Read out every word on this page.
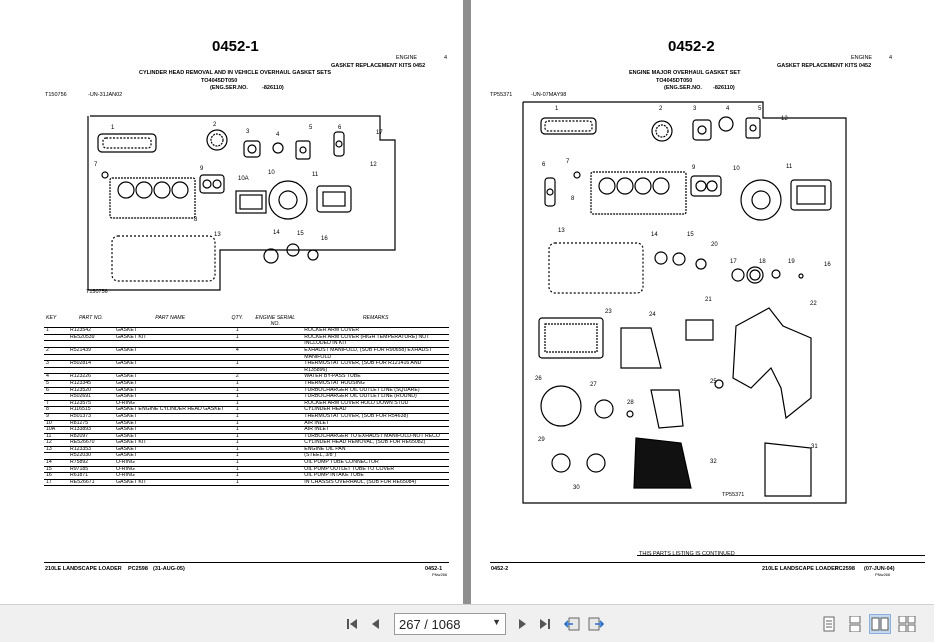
0452-1
ENGINE	4
GASKET REPLACEMENT KITS 0452
CYLINDER HEAD REMOVAL AND IN VEHICLE OVERHAUL GASKET SETS
TO4045DT050
(ENG.SER.NO.	-826110)
T150756	-UN-31JAN02
1	2
3	4
5	6
17
7
9
10A
10	11
12
8
13	14	15
16
T150756
KEY	PART NO.	PART NAME	QTY.	ENGINE SERIAL NO.	REMARKS
1	R123542	GASKET	1		ROCKER ARM COVER
	RE520539	GASKET KIT	1		ROCKER ARM COVER (HIGH TEMPERATURE) NOT
					INCLUDED IN KIT
2	R521439	GASKET	4		EXHAUST MANIFOLD, (SUB FOR R90658) EXHAUST
					MANIFOLD
3	R502814	GASKET	1		THERMOSTAT COVER, (SUB FOR R121416 AND
					R135896)
4	R123226	GASKET	2		WATER BY-PASS TUBE
5	R123345	GASKET	1		THERMOSTAT HOUSING
6	R123520	GASKET	1		TURBOCHARGER OIL OUTLET LINE (SQUARE)
	R502691	GASKET	1		TURBOCHARGER OIL OUTLET LINE (ROUND)
7	R123575	O-RING	1		ROCKER ARM COVER HOLD DOWN STUD
8	R116515	GASKET ENGINE CYLINDER HEAD GASKET	1		CYLINDER HEAD
9	R501373	GASKET	1		THERMOSTAT COVER, (SUB FOR R54638)
10	R81275	GASKET	1		AIR INLET
10A	R133893	GASKET	1		AIR INLET
11	R82097	GASKET	1		TURBOCHARGER TO EXHAUST MANIFOLD-NOT RECO
12	RE526670	GASKET KIT	1		CYLINDER HEAD REMOVAL, (SUB FOR RE65082)
13	R123353	GASKET	1		ENGINE OIL PAN
	R522030	GASKET	1		(STEEL, 3/8")
14	R75892	O-RING	1		OIL PUMP TUBE CONNECTOR
15	R97185	O-RING	1		OIL PUMP OUTLET TUBE TO COVER
16	R61871	O-RING	1		OIL PUMP INTAKE TUBE
17	RE526671	GASKET KIT	1		IN CHASSIS OVERHAUL, (SUB FOR RE65084)
210LE LANDSCAPE LOADER PC2598 (31-AUG-05)	0452-1
PNw266
0452-2
ENGINE	4
GASKET REPLACEMENT KITS 0452
ENGINE MAJOR OVERHAUL GASKET SET
TO4045DT050
(ENG.SER.NO. -826110)
TP55371	-UN-07MAY98
1	2	3	4	5
12
6	7
9	10	11
8
13
14	15
20
17	18	19	16
21
22
23	24
25
26
27
28
29
30
32
31
TP55371
THIS PARTS LISTING IS CONTINUED
0452-2	210LE LANDSCAPE LOADER
PC2598 (07-JUN-04)
PNw266
267 / 1068	▼
